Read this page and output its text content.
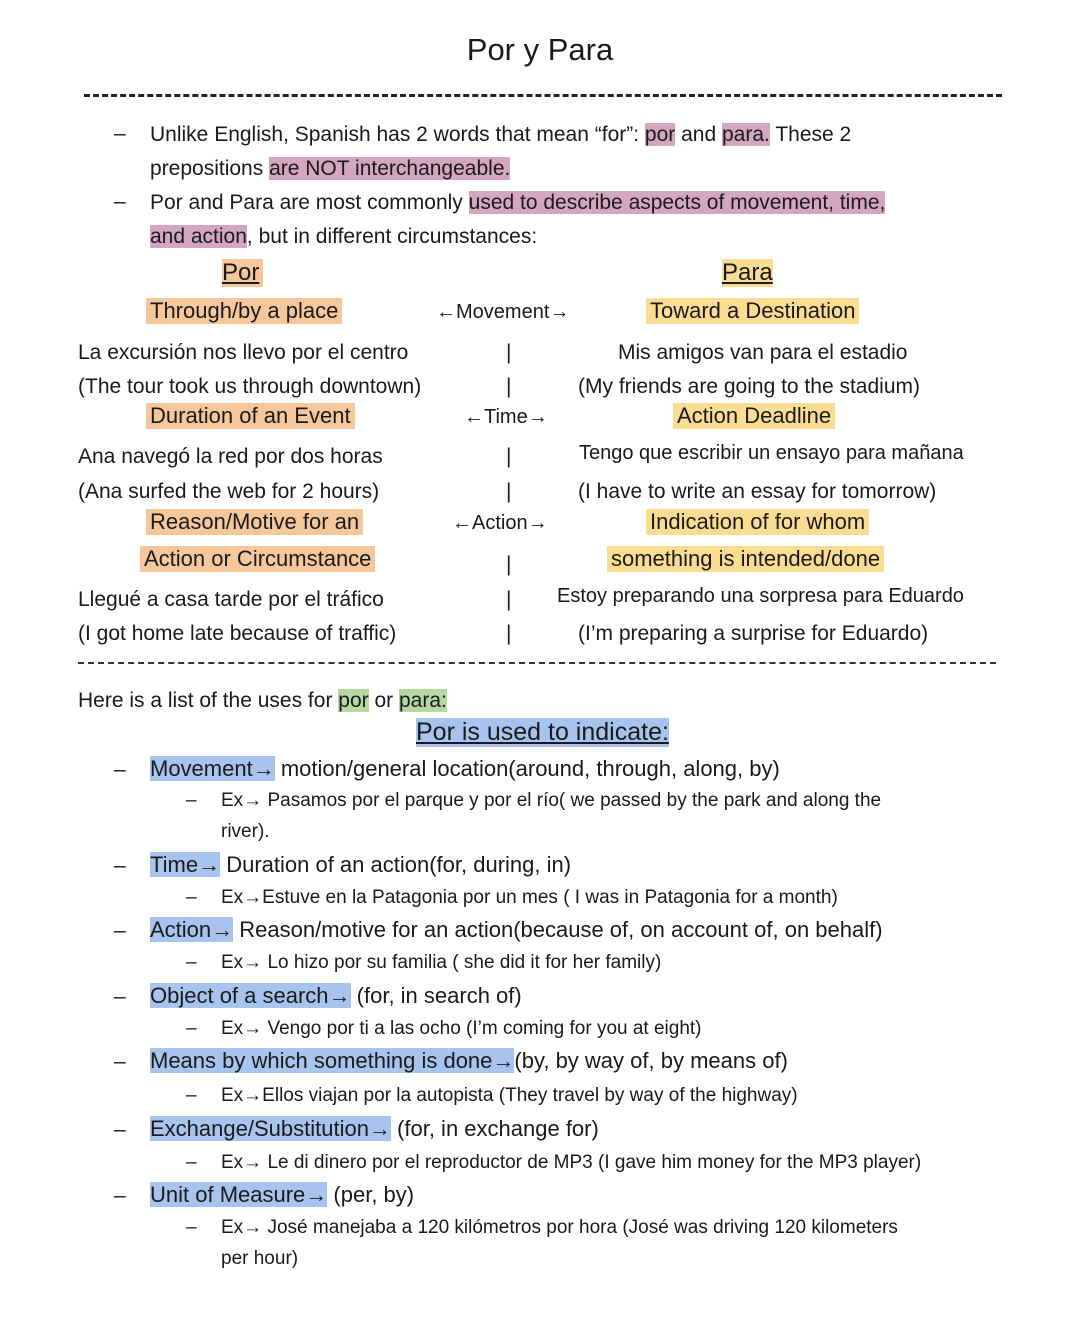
Por y Para
– Unlike English, Spanish has 2 words that mean “for”: por and para. These 2
prepositions are NOT interchangeable.
– Por and Para are most commonly used to describe aspects of movement, time,
and action, but in different circumstances:
Por	Para
Through/by a place	←Movement→	Toward a Destination
La excursión nos llevo por el centro	|	Mis amigos van para el estadio
(The tour took us through downtown)	|	(My friends are going to the stadium)
Duration of an Event	←Time→	Action Deadline
Ana navegó la red por dos horas	|	Tengo que escribir un ensayo para mañana
(Ana surfed the web for 2 hours)	|	(I have to write an essay for tomorrow)
Reason/Motive for an	←Action→	Indication of for whom
Action or Circumstance	|	something is intended/done
Llegué a casa tarde por el tráfico	| Estoy preparando una sorpresa para Eduardo
(I got home late because of traffic)	|	(I’m preparing a surprise for Eduardo)
Here is a list of the uses for por or para:
Por is used to indicate:
– Movement→ motion/general location(around, through, along, by)
– Ex→ Pasamos por el parque y por el río( we passed by the park and along the
river).
– Time→ Duration of an action(for, during, in)
– Ex→Estuve en la Patagonia por un mes ( I was in Patagonia for a month)
– Action→ Reason/motive for an action(because of, on account of, on behalf)
– Ex→ Lo hizo por su familia ( she did it for her family)
– Object of a search→ (for, in search of)
– Ex→ Vengo por ti a las ocho (I’m coming for you at eight)
– Means by which something is done→(by, by way of, by means of)
– Ex→Ellos viajan por la autopista (They travel by way of the highway)
– Exchange/Substitution→ (for, in exchange for)
– Ex→ Le di dinero por el reproductor de MP3 (I gave him money for the MP3 player)
– Unit of Measure→ (per, by)
– Ex→ José manejaba a 120 kilómetros por hora (José was driving 120 kilometers
per hour)
